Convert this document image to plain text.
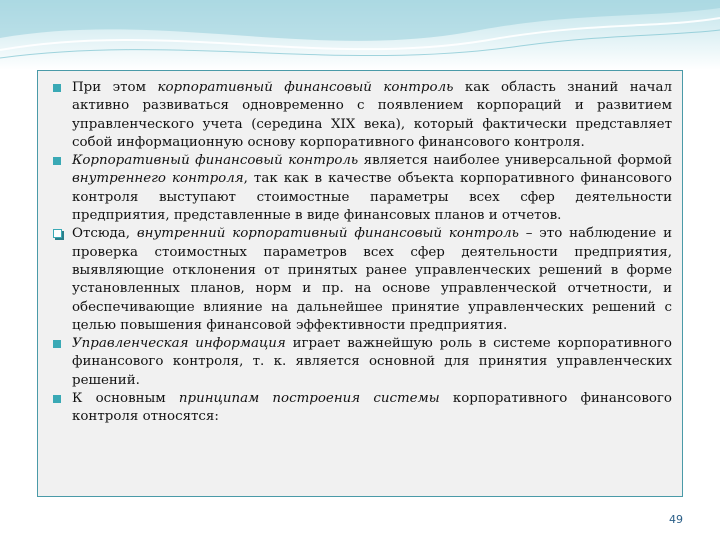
При этом корпоративный финансовый контроль как область знаний начал активно развиваться одновременно с появлением корпораций и развитием управленческого учета (середина XIX века), который фактически представляет собой информационную основу корпоративного финансового контроля.
Корпоративный финансовый контроль является наиболее универсальной формой внутреннего контроля, так как в качестве объекта корпоративного финансового контроля выступают стоимостные параметры всех сфер деятельности предприятия, представленные в виде финансовых планов и отчетов.
Отсюда, внутренний корпоративный финансовый контроль – это наблюдение и проверка стоимостных параметров всех сфер деятельности предприятия, выявляющие отклонения от принятых ранее управленческих решений в форме установленных планов, норм и пр. на основе управленческой отчетности, и обеспечивающие влияние на дальнейшее принятие управленческих решений с целью повышения финансовой эффективности предприятия.
Управленческая информация играет важнейшую роль в системе корпоративного финансового контроля, т. к. является основной для принятия управленческих решений.
К основным принципам построения системы корпоративного финансового контроля относятся:
49
